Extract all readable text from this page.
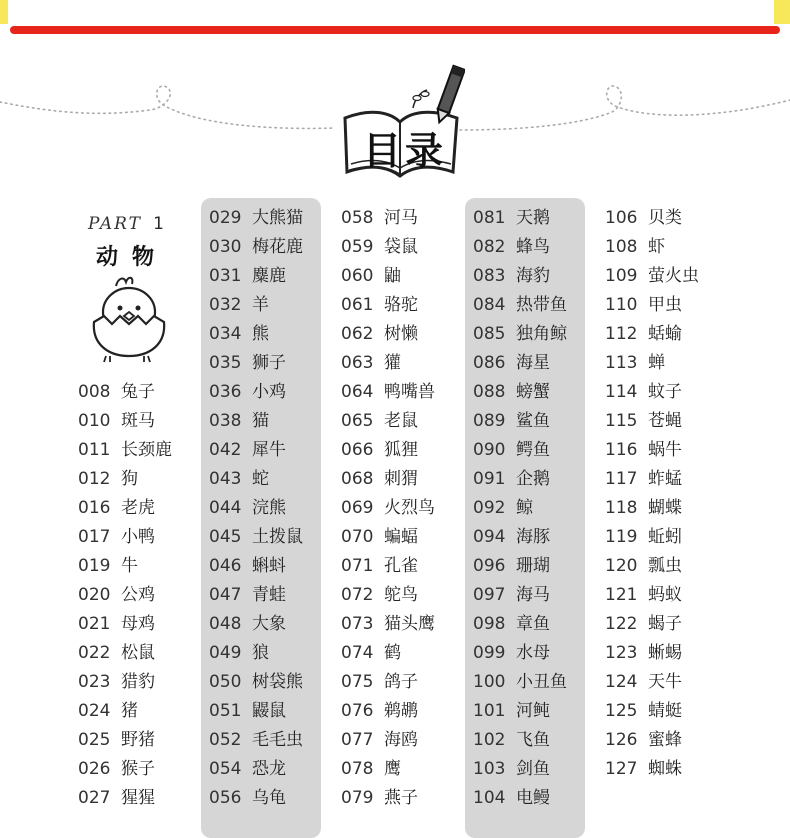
目录
PART 1
动物
008 兔子
010 斑马
011 长颈鹿
012 狗
016 老虎
017 小鸭
019 牛
020 公鸡
021 母鸡
022 松鼠
023 猎豹
024 猪
025 野猪
026 猴子
027 猩猩
029 大熊猫
030 梅花鹿
031 麋鹿
032 羊
034 熊
035 狮子
036 小鸡
038 猫
042 犀牛
043 蛇
044 浣熊
045 土拨鼠
046 蝌蚪
047 青蛙
048 大象
049 狼
050 树袋熊
051 鼹鼠
052 毛毛虫
054 恐龙
056 乌龟
058 河马
059 袋鼠
060 鼬
061 骆驼
062 树懒
063 獾
064 鸭嘴兽
065 老鼠
066 狐狸
068 刺猬
069 火烈鸟
070 蝙蝠
071 孔雀
072 鸵鸟
073 猫头鹰
074 鹤
075 鸽子
076 鹈鹕
077 海鸥
078 鹰
079 燕子
081 天鹅
082 蜂鸟
083 海豹
084 热带鱼
085 独角鲸
086 海星
088 螃蟹
089 鲨鱼
090 鳄鱼
091 企鹅
092 鲸
094 海豚
096 珊瑚
097 海马
098 章鱼
099 水母
100 小丑鱼
101 河鲀
102 飞鱼
103 剑鱼
104 电鳗
106 贝类
108 虾
109 萤火虫
110 甲虫
112 蛞蝓
113 蝉
114 蚊子
115 苍蝇
116 蜗牛
117 蚱蜢
118 蝴蝶
119 蚯蚓
120 瓢虫
121 蚂蚁
122 蝎子
123 蜥蜴
124 天牛
125 蜻蜓
126 蜜蜂
127 蜘蛛
